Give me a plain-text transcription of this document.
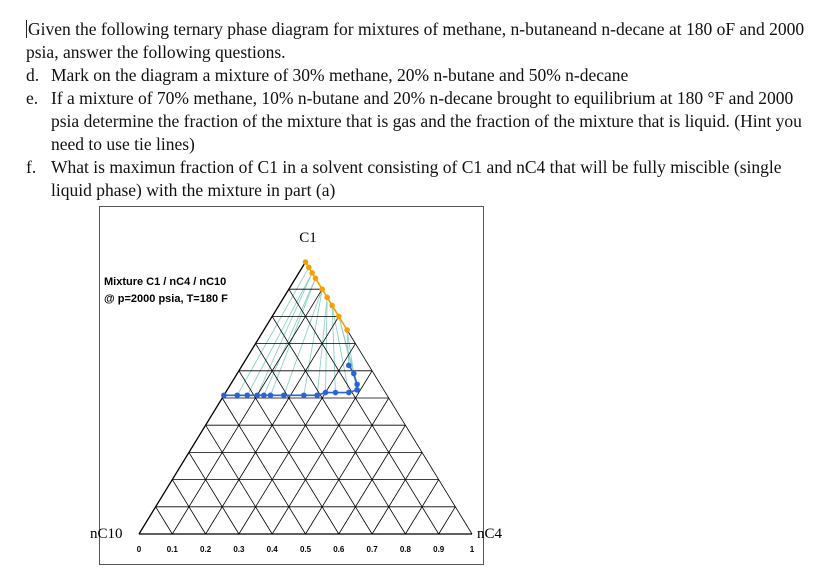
Given the following ternary phase diagram for mixtures of methane, n-butaneand n-decane at 180 oF and 2000 psia, answer the following questions.

d. Mark on the diagram a mixture of 30% methane, 20% n-butane and 50% n-decane
e. If a mixture of 70% methane, 10% n-butane and 20% n-decane brought to equilibrium at 180 °F and 2000 psia determine the fraction of the mixture that is gas and the fraction of the mixture that is liquid. (Hint you need to use tie lines)
f. What is maximun fraction of C1 in a solvent consisting of C1 and nC4 that will be fully miscible (single liquid phase) with the mixture in part (a)
C1
Mixture C1 / nC4 / nC10
@ p=2000 psia, T=180 F
nC10	nC4
0	0.1	0.2	0.3	0.4	0.5	0.6	0.7	0.8	0.9	1
